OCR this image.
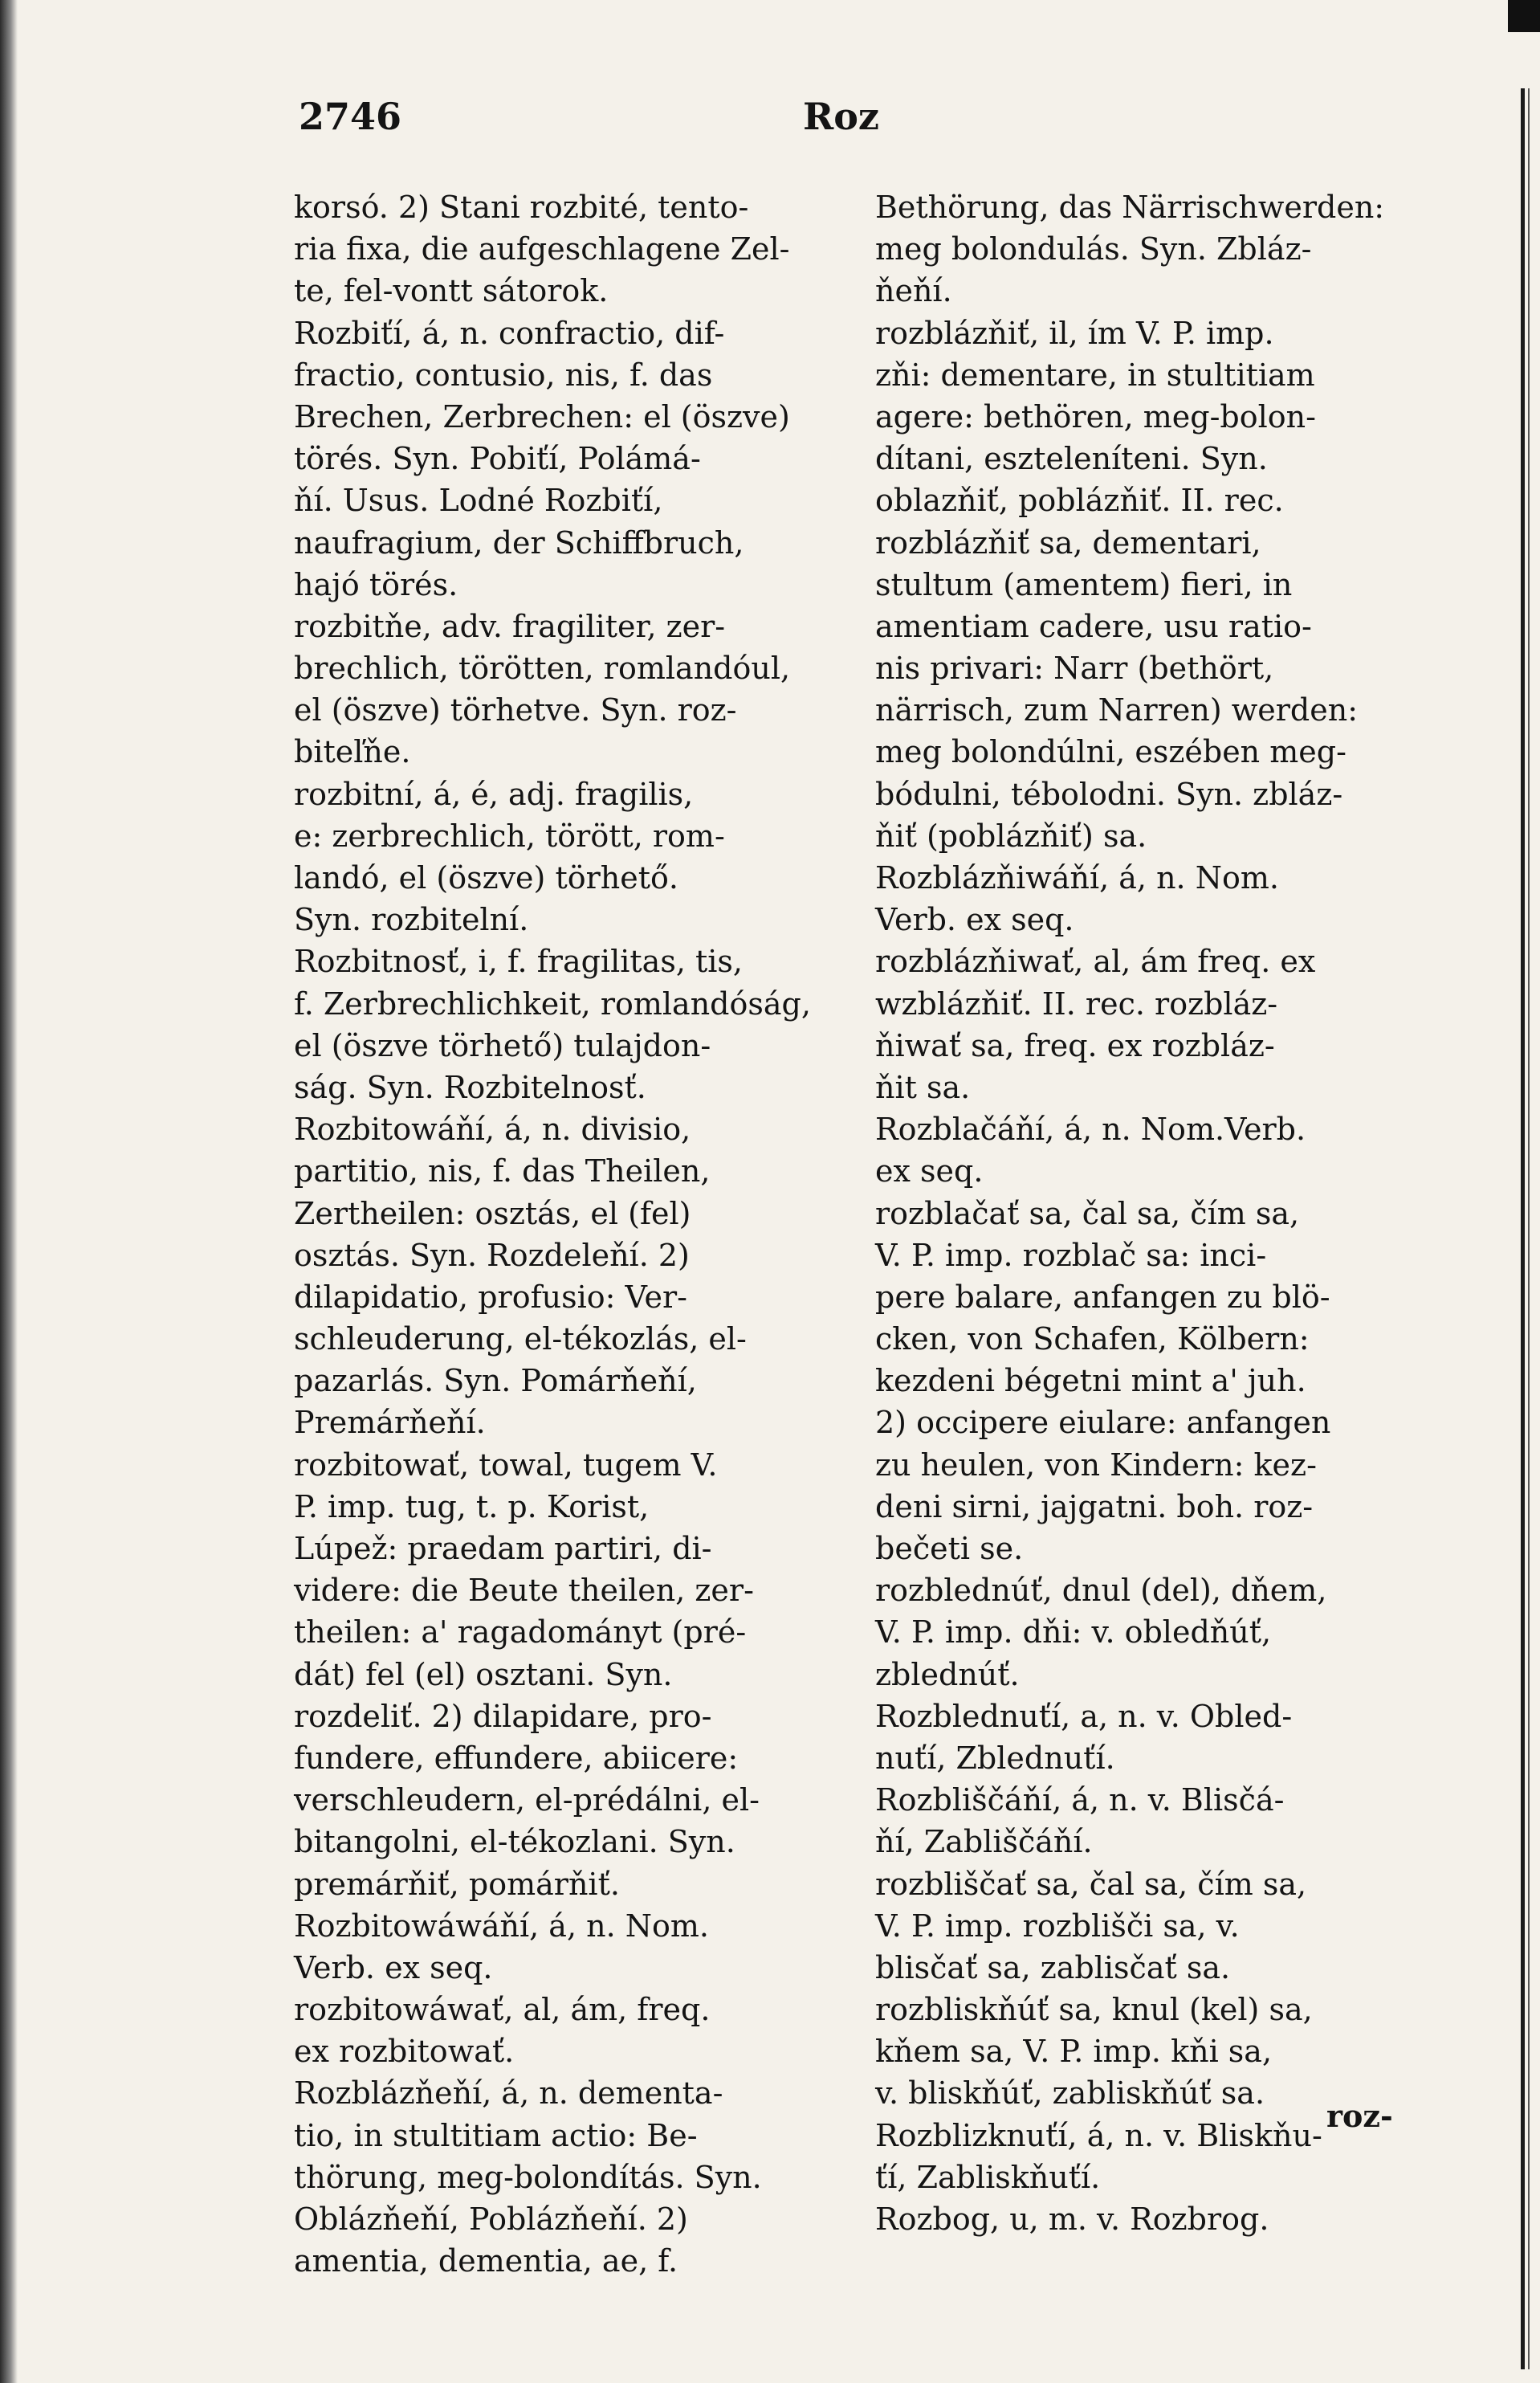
2746	Roz
korsó. 2) Stani rozbité, tento-
ria fixa, die aufgeschlagene Zel-
te, fel-vontt sátorok.
Rozbiťí, á, n. confractio, dif-
fractio, contusio, nis, f. das
Brechen, Zerbrechen: el (öszve)
törés. Syn. Pobiťí, Polámá-
ňí. Usus. Lodné Rozbiťí,
naufragium, der Schiffbruch,
hajó törés.
rozbitňe, adv. fragiliter, zer-
brechlich, törötten, romlandóul,
el (öszve) törhetve. Syn. roz-
biteľňe.
rozbitní, á, é, adj. fragilis,
e: zerbrechlich, törött, rom-
landó, el (öszve) törhető.
Syn. rozbitelní.
Rozbitnosť, i, f. fragilitas, tis,
f. Zerbrechlichkeit, romlandóság,
el (öszve törhető) tulajdon-
ság. Syn. Rozbitelnosť.
Rozbitowáňí, á, n. divisio,
partitio, nis, f. das Theilen,
Zertheilen: osztás, el (fel)
osztás. Syn. Rozdeleňí. 2)
dilapidatio, profusio: Ver-
schleuderung, el-tékozlás, el-
pazarlás. Syn. Pomárňeňí,
Premárňeňí.
rozbitowať, towal, tugem V.
P. imp. tug, t. p. Korist,
Lúpež: praedam partiri, di-
videre: die Beute theilen, zer-
theilen: a' ragadományt (pré-
dát) fel (el) osztani. Syn.
rozdeliť. 2) dilapidare, pro-
fundere, effundere, abiicere:
verschleudern, el-prédálni, el-
bitangolni, el-tékozlani. Syn.
premárňiť, pomárňiť.
Rozbitowáwáňí, á, n. Nom.
Verb. ex seq.
rozbitowáwať, al, ám, freq.
ex rozbitowať.
Rozblázňeňí, á, n. dementa-
tio, in stultitiam actio: Be-
thörung, meg-bolondítás. Syn.
Oblázňeňí, Poblázňeňí. 2)
amentia, dementia, ae, f.
Bethörung, das Närrischwerden:
meg bolondulás. Syn. Zbláz-
ňeňí.
rozblázňiť, il, ím V. P. imp.
zňi: dementare, in stultitiam
agere: bethören, meg-bolon-
dítani, eszteleníteni. Syn.
oblazňiť, poblázňiť. II. rec.
rozblázňiť sa, dementari,
stultum (amentem) fieri, in
amentiam cadere, usu ratio-
nis privari: Narr (bethört,
närrisch, zum Narren) werden:
meg bolondúlni, eszében meg-
bódulni, tébolodni. Syn. zbláz-
ňiť (poblázňiť) sa.
Rozblázňiwáňí, á, n. Nom.
Verb. ex seq.
rozblázňiwať, al, ám freq. ex
wzblázňiť. II. rec. rozbláz-
ňiwať sa, freq. ex rozbláz-
ňit sa.
Rozblačáňí, á, n. Nom.Verb.
ex seq.
rozblačať sa, čal sa, čím sa,
V. P. imp. rozblač sa: inci-
pere balare, anfangen zu blö-
cken, von Schafen, Kölbern:
kezdeni bégetni mint a' juh.
2) occipere eiulare: anfangen
zu heulen, von Kindern: kez-
deni sirni, jajgatni. boh. roz-
bečeti se.
rozblednúť, dnul (del), dňem,
V. P. imp. dňi: v. obledňúť,
zblednúť.
Rozblednuťí, a, n. v. Obled-
nuťí, Zblednuťí.
Rozbliščáňí, á, n. v. Blisčá-
ňí, Zabliščáňí.
rozbliščať sa, čal sa, čím sa,
V. P. imp. rozblišči sa, v.
blisčať sa, zablisčať sa.
rozbliskňúť sa, knul (kel) sa,
kňem sa, V. P. imp. kňi sa,
v. bliskňúť, zabliskňúť sa.
Rozblizknuťí, á, n. v. Bliskňu-
ťí, Zabliskňuťí.
Rozbog, u, m. v. Rozbrog.
roz-
